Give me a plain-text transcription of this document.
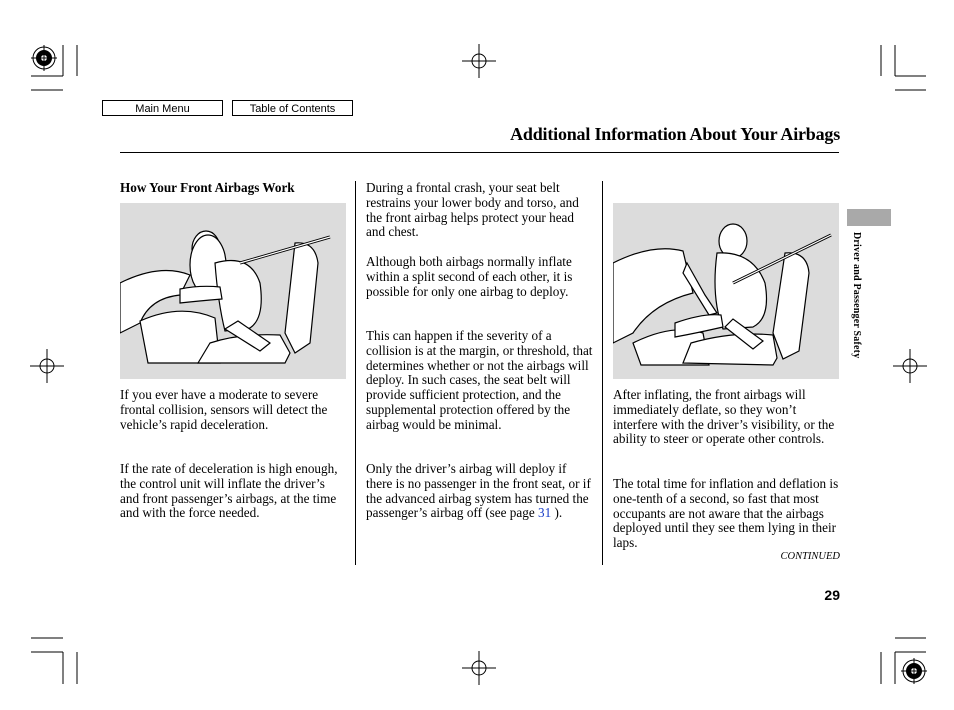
Main Menu	Table of Contents
Additional Information About Your Airbags
How Your Front Airbags Work

If you ever have a moderate to severe frontal collision, sensors will detect the vehicle’s rapid deceleration.

If the rate of deceleration is high enough, the control unit will inflate the driver’s and front passenger’s airbags, at the time and with the force needed.

During a frontal crash, your seat belt restrains your lower body and torso, and the front airbag helps protect your head and chest.

Although both airbags normally inflate within a split second of each other, it is possible for only one airbag to deploy.

This can happen if the severity of a collision is at the margin, or threshold, that determines whether or not the airbags will deploy. In such cases, the seat belt will provide sufficient protection, and the supplemental protection offered by the airbag would be minimal.

Only the driver’s airbag will deploy if there is no passenger in the front seat, or if the advanced airbag system has turned the passenger’s airbag off (see page 31 ).

After inflating, the front airbags will immediately deflate, so they won’t interfere with the driver’s visibility, or the ability to steer or operate other controls.

The total time for inflation and deflation is one-tenth of a second, so fast that most occupants are not aware that the airbags deployed until they see them lying in their laps.

CONTINUED
Driver and Passenger Safety
29
